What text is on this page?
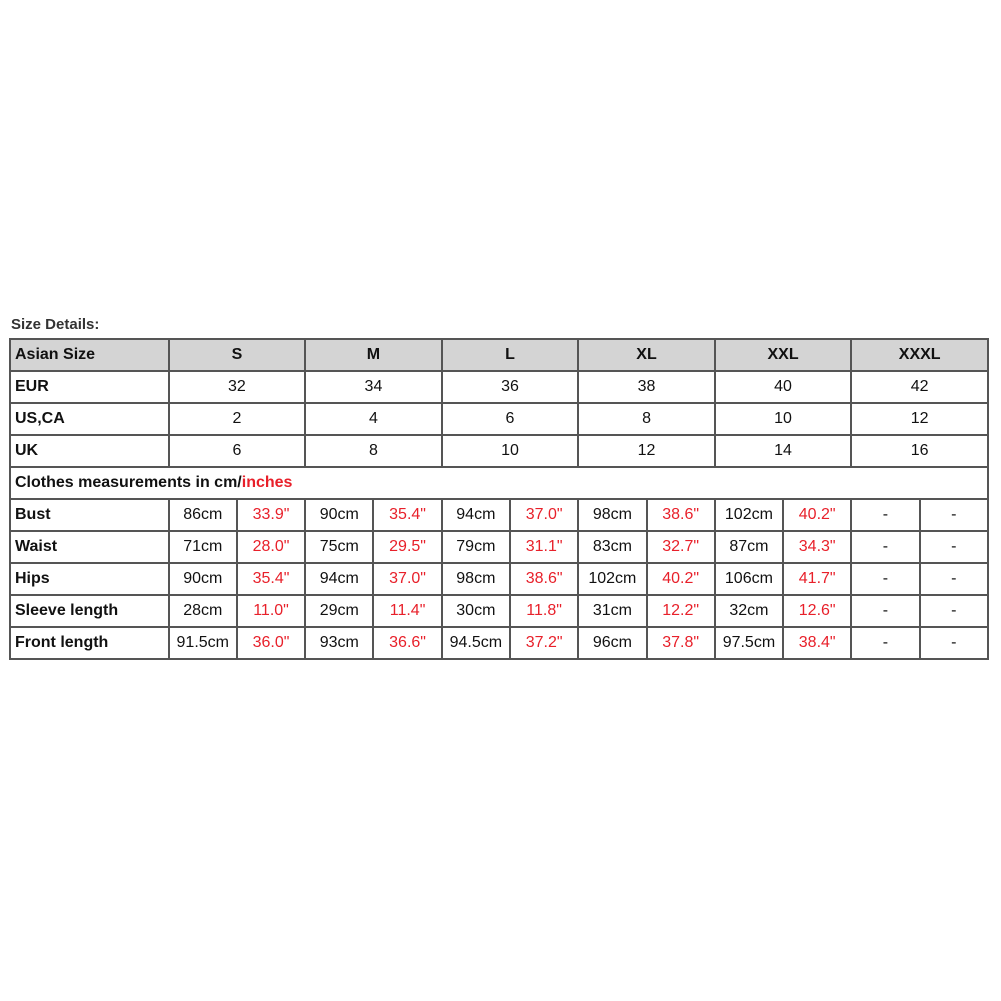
Size Details:

Asian Size	S		M		L		XL		XXL		XXXL	
EUR	32		34		36		38		40		42	
US,CA	2		4		6		8		10		12	
UK	6		8		10		12		14		16	
Clothes measurements in cm/inches												
Bust	86cm	33.9"	90cm	35.4"	94cm	37.0"	98cm	38.6"	102cm	40.2"	-	-
Waist	71cm	28.0"	75cm	29.5"	79cm	31.1"	83cm	32.7"	87cm	34.3"	-	-
Hips	90cm	35.4"	94cm	37.0"	98cm	38.6"	102cm	40.2"	106cm	41.7"	-	-
Sleeve length	28cm	11.0"	29cm	11.4"	30cm	11.8"	31cm	12.2"	32cm	12.6"	-	-
Front length	91.5cm	36.0"	93cm	36.6"	94.5cm	37.2"	96cm	37.8"	97.5cm	38.4"	-	-
